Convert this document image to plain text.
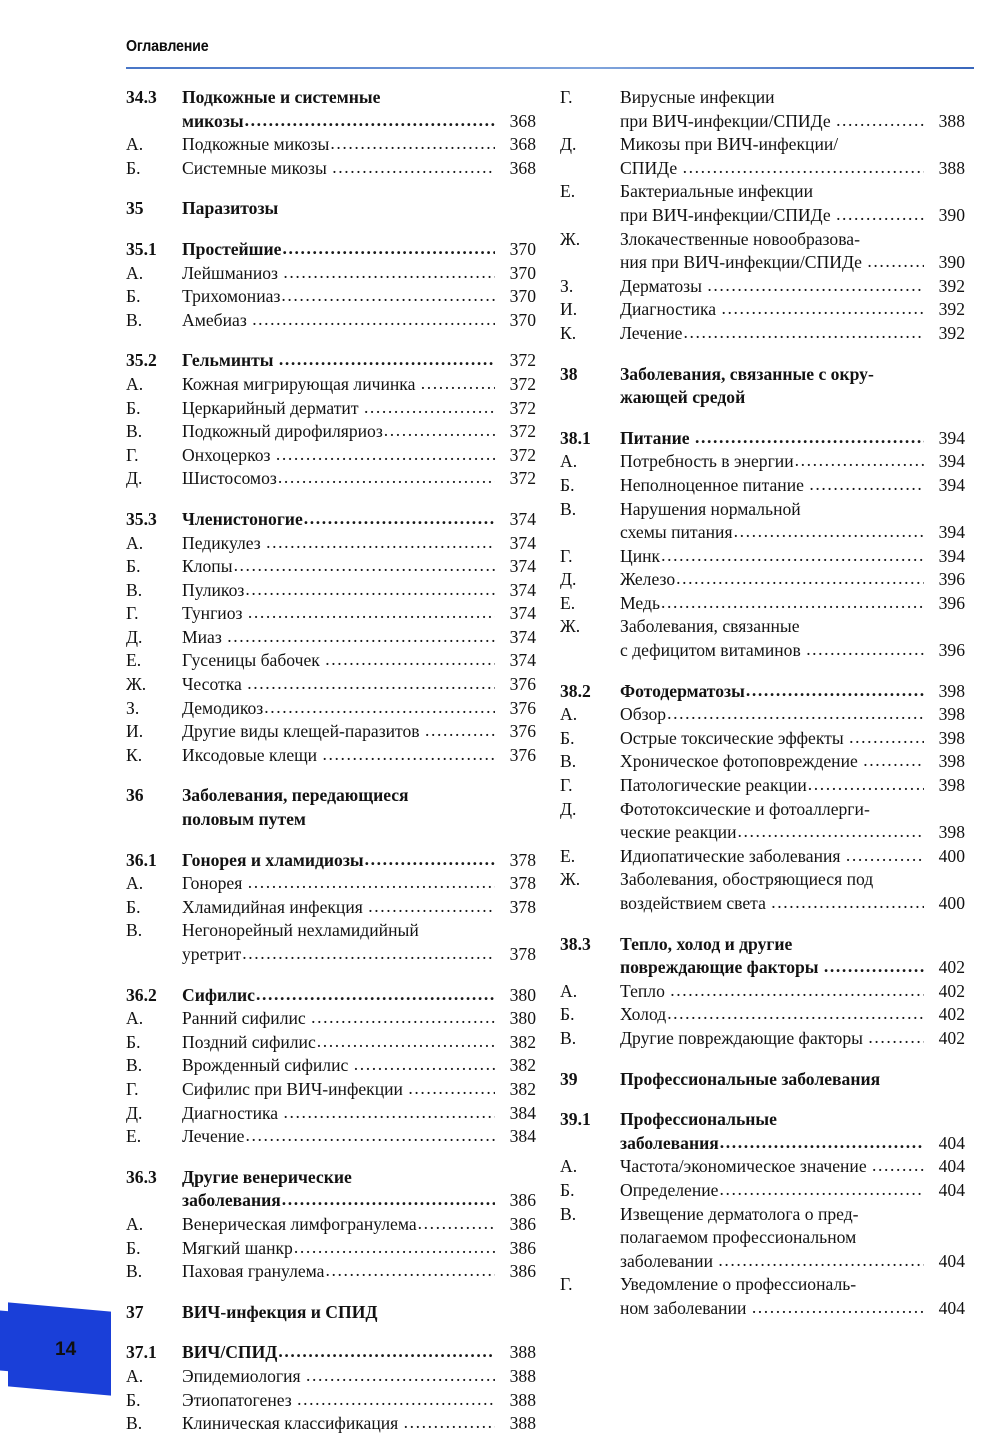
Оглавление
34.3	Подкожные и системные
микозы .....	368
А.	Подкожные микозы .....	368
Б.	Системные микозы .....	368
35	Паразитозы
35.1	Простейшие .....	370
А.	Лейшманиоз .....	370
Б.	Трихомониаз .....	370
В.	Амебиаз .....	370
35.2	Гельминты .....	372
А.	Кожная мигрирующая личинка .....	372
Б.	Церкарийный дерматит .....	372
В.	Подкожный дирофиляриоз .....	372
Г.	Онхоцеркоз .....	372
Д.	Шистосомоз .....	372
35.3	Членистоногие .....	374
А.	Педикулез .....	374
Б.	Клопы .....	374
В.	Пуликоз .....	374
Г.	Тунгиоз .....	374
Д.	Миаз .....	374
Е.	Гусеницы бабочек .....	374
Ж.	Чесотка .....	376
З.	Демодикоз .....	376
И.	Другие виды клещей-паразитов .....	376
К.	Иксодовые клещи .....	376
36	Заболевания, передающиеся
половым путем
36.1	Гонорея и хламидиозы .....	378
А.	Гонорея .....	378
Б.	Хламидийная инфекция .....	378
В.	Негонорейный нехламидийный
уретрит .....	378
36.2	Сифилис .....	380
А.	Ранний сифилис .....	380
Б.	Поздний сифилис .....	382
В.	Врожденный сифилис .....	382
Г.	Сифилис при ВИЧ-инфекции .....	382
Д.	Диагностика .....	384
Е.	Лечение .....	384
36.3	Другие венерические
заболевания .....	386
А.	Венерическая лимфогранулема .....	386
Б.	Мягкий шанкр .....	386
В.	Паховая гранулема .....	386
37	ВИЧ-инфекция и СПИД
37.1	ВИЧ/СПИД .....	388
А.	Эпидемиология .....	388
Б.	Этиопатогенез .....	388
В.	Клиническая классификация .....	388
Г.	Вирусные инфекции
при ВИЧ-инфекции/СПИДе .....	388
Д.	Микозы при ВИЧ-инфекции/
СПИДе .....	388
Е.	Бактериальные инфекции
при ВИЧ-инфекции/СПИДе .....	390
Ж.	Злокачественные новообразова-
ния при ВИЧ-инфекции/СПИДе .....	390
З.	Дерматозы .....	392
И.	Диагностика .....	392
К.	Лечение .....	392
38	Заболевания, связанные с окру-
жающей средой
38.1	Питание .....	394
А.	Потребность в энергии .....	394
Б.	Неполноценное питание .....	394
В.	Нарушения нормальной
схемы питания .....	394
Г.	Цинк .....	394
Д.	Железо .....	396
Е.	Медь .....	396
Ж.	Заболевания, связанные
с дефицитом витаминов .....	396
38.2	Фотодерматозы .....	398
А.	Обзор .....	398
Б.	Острые токсические эффекты .....	398
В.	Хроническое фотоповреждение .....	398
Г.	Патологические реакции .....	398
Д.	Фототоксические и фотоаллерги-
ческие реакции .....	398
Е.	Идиопатические заболевания .....	400
Ж.	Заболевания, обостряющиеся под
воздействием света .....	400
38.3	Тепло, холод и другие
повреждающие факторы .....	402
А.	Тепло .....	402
Б.	Холод .....	402
В.	Другие повреждающие факторы .....	402
39	Профессиональные заболевания
39.1	Профессиональные
заболевания .....	404
А.	Частота/экономическое значение .....	404
Б.	Определение .....	404
В.	Извещение дерматолога о пред-
полагаемом профессиональном
заболевании .....	404
Г.	Уведомление о профессиональ-
ном заболевании .....	404
14
